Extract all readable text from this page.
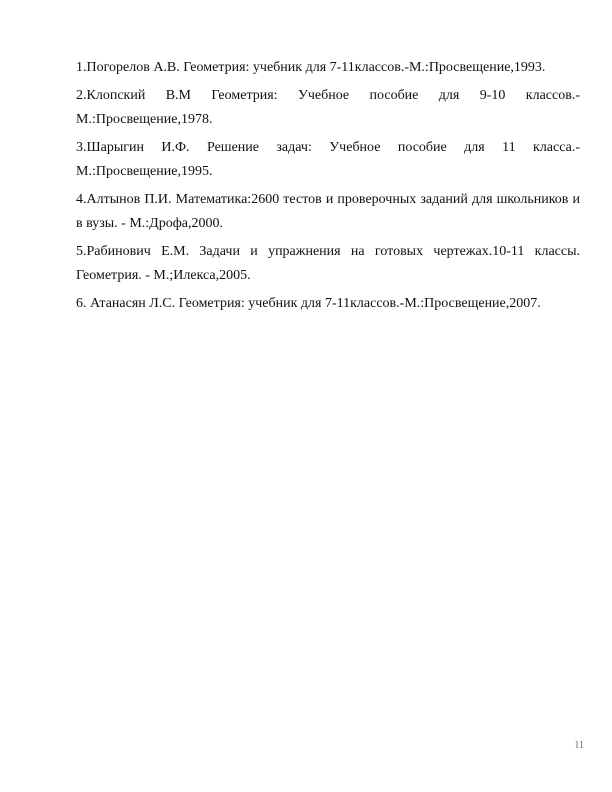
1.Погорелов А.В. Геометрия: учебник для 7-11классов.-М.:Просвещение,1993.
2.Клопский В.М Геометрия: Учебное пособие для 9-10 классов.-М.:Просвещение,1978.
3.Шарыгин И.Ф. Решение задач: Учебное пособие для 11 класса.-М.:Просвещение,1995.
4.Алтынов П.И. Математика:2600 тестов и проверочных заданий для школьников и в вузы. - М.:Дрофа,2000.
5.Рабинович Е.М. Задачи и упражнения на готовых чертежах.10-11 классы. Геометрия. - М.;Илекса,2005.
6. Атанасян Л.С. Геометрия: учебник для 7-11классов.-М.:Просвещение,2007.
11
